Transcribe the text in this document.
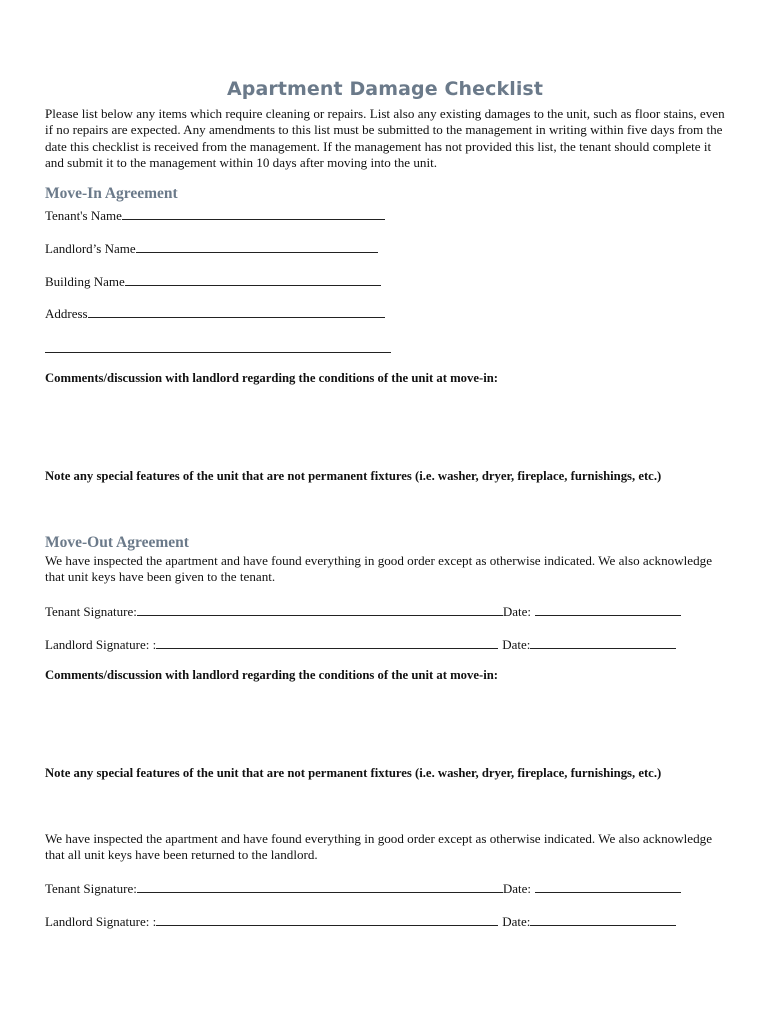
Apartment Damage Checklist
Please list below any items which require cleaning or repairs. List also any existing damages to the unit, such as floor stains, even if no repairs are expected. Any amendments to this list must be submitted to the management in writing within five days from the date this checklist is received from the management. If the management has not provided this list, the tenant should complete it and submit it to the management within 10 days after moving into the unit.
Move-In Agreement
Tenant's Name
Landlord’s Name
Building Name
Address
Comments/discussion with landlord regarding the conditions of the unit at move-in:
Note any special features of the unit that are not permanent fixtures (i.e. washer, dryer, fireplace, furnishings, etc.)
Move-Out Agreement
We have inspected the apartment and have found everything in good order except as otherwise indicated. We also acknowledge that unit keys have been given to the tenant.
Tenant Signature:	Date:
Landlord Signature: :	Date:
Comments/discussion with landlord regarding the conditions of the unit at move-in:
Note any special features of the unit that are not permanent fixtures (i.e. washer, dryer, fireplace, furnishings, etc.)
We have inspected the apartment and have found everything in good order except as otherwise indicated. We also acknowledge that all unit keys have been returned to the landlord.
Tenant Signature:	Date:
Landlord Signature: :	Date:
